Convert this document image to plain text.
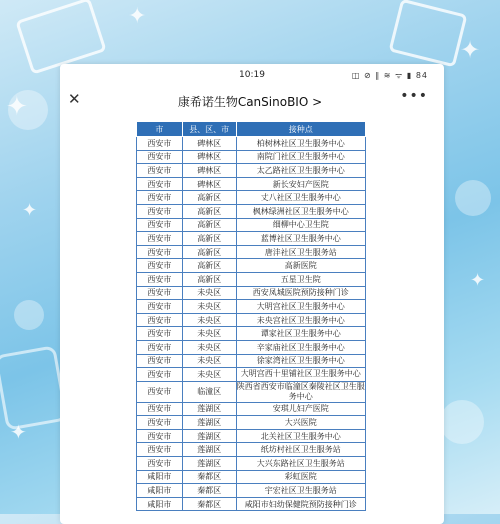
✦
✦
✦
✦
✦
✦
10:19	◫ ⊘ ∥ ≋ ᯤ ▮ 84
✕	康希诺生物CanSinoBIO >	•••
市	县、区、市	接种点
西安市	碑林区	柏树林社区卫生服务中心
西安市	碑林区	南院门社区卫生服务中心
西安市	碑林区	太乙路社区卫生服务中心
西安市	碑林区	新长安妇产医院
西安市	高新区	丈八社区卫生服务中心
西安市	高新区	枫林绿洲社区卫生服务中心
西安市	高新区	细柳中心卫生院
西安市	高新区	蓝博社区卫生服务中心
西安市	高新区	唐沣社区卫生服务站
西安市	高新区	高新医院
西安市	高新区	五星卫生院
西安市	未央区	西安凤城医院预防接种门诊
西安市	未央区	大明宫社区卫生服务中心
西安市	未央区	未央宫社区卫生服务中心
西安市	未央区	谭家社区卫生服务中心
西安市	未央区	辛家庙社区卫生服务中心
西安市	未央区	徐家湾社区卫生服务中心
西安市	未央区	大明宫西十里铺社区卫生服务中心
西安市	临潼区	陕西省西安市临潼区秦陵社区卫生服务中心
西安市	莲湖区	安琪儿妇产医院
西安市	莲湖区	大兴医院
西安市	莲湖区	北关社区卫生服务中心
西安市	莲湖区	纸坊村社区卫生服务站
西安市	莲湖区	大兴东路社区卫生服务站
咸阳市	秦都区	彩虹医院
咸阳市	秦都区	宇宏社区卫生服务站
咸阳市	秦都区	咸阳市妇幼保健院预防接种门诊
